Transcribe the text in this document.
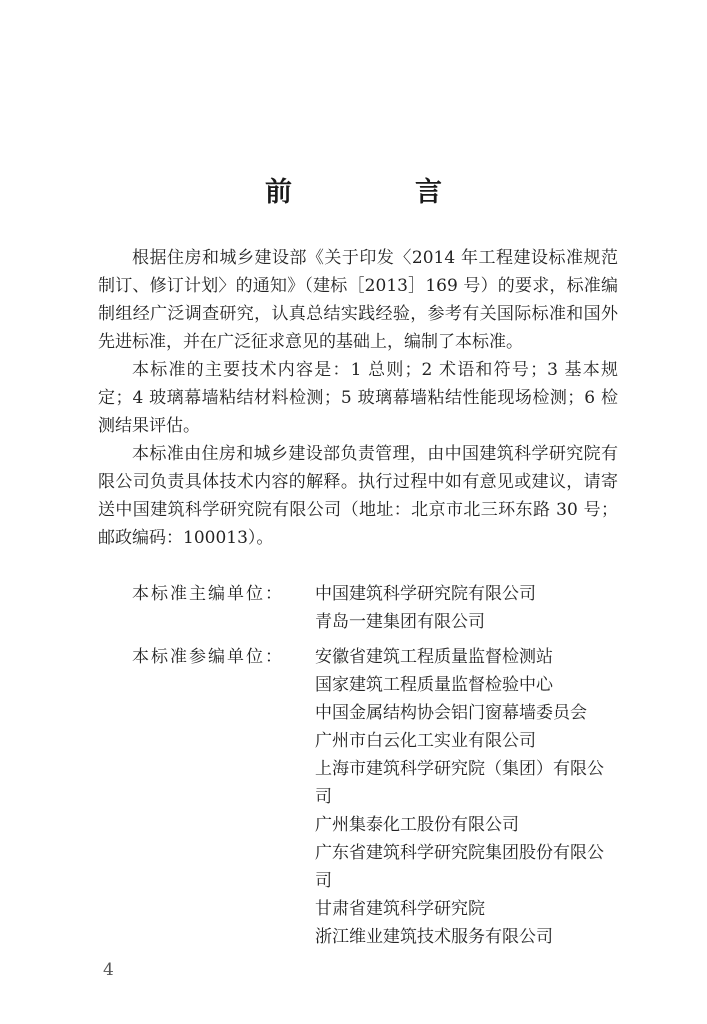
前　言

根据住房和城乡建设部《关于印发〈2014 年工程建设标准规范制订、修订计划〉的通知》（建标［2013］169 号）的要求，标准编制组经广泛调查研究，认真总结实践经验，参考有关国际标准和国外先进标准，并在广泛征求意见的基础上，编制了本标准。

本标准的主要技术内容是：1 总则；2 术语和符号；3 基本规定；4 玻璃幕墙粘结材料检测；5 玻璃幕墙粘结性能现场检测；6 检测结果评估。

本标准由住房和城乡建设部负责管理，由中国建筑科学研究院有限公司负责具体技术内容的解释。执行过程中如有意见或建议，请寄送中国建筑科学研究院有限公司（地址：北京市北三环东路 30 号；邮政编码：100013）。

本标准主编单位：	中国建筑科学研究院有限公司
青岛一建集团有限公司
本标准参编单位：	安徽省建筑工程质量监督检测站
国家建筑工程质量监督检验中心
中国金属结构协会铝门窗幕墙委员会
广州市白云化工实业有限公司
上海市建筑科学研究院（集团）有限公司
广州集泰化工股份有限公司
广东省建筑科学研究院集团股份有限公司
甘肃省建筑科学研究院
浙江维业建筑技术服务有限公司
4
